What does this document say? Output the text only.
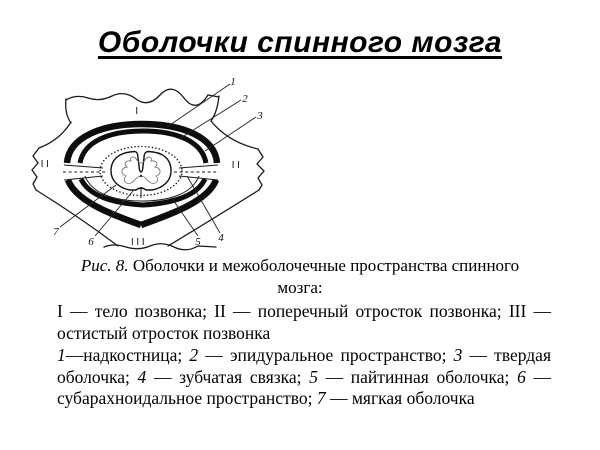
Оболочки спинного мозга
1
2
3
4
5
6
7
I
II	II
III
Рис. 8. Оболочки и межоболочечные пространства спинного мозга:
I — тело позвонка; II — поперечный отросток позвонка; III — остистый отросток позвонка
1—надкостница; 2 — эпидуральное пространство; 3 — твердая оболочка; 4 — зубчатая связка; 5 — пайтинная оболочка; 6 — субарахноидальное пространство; 7 — мягкая оболочка
